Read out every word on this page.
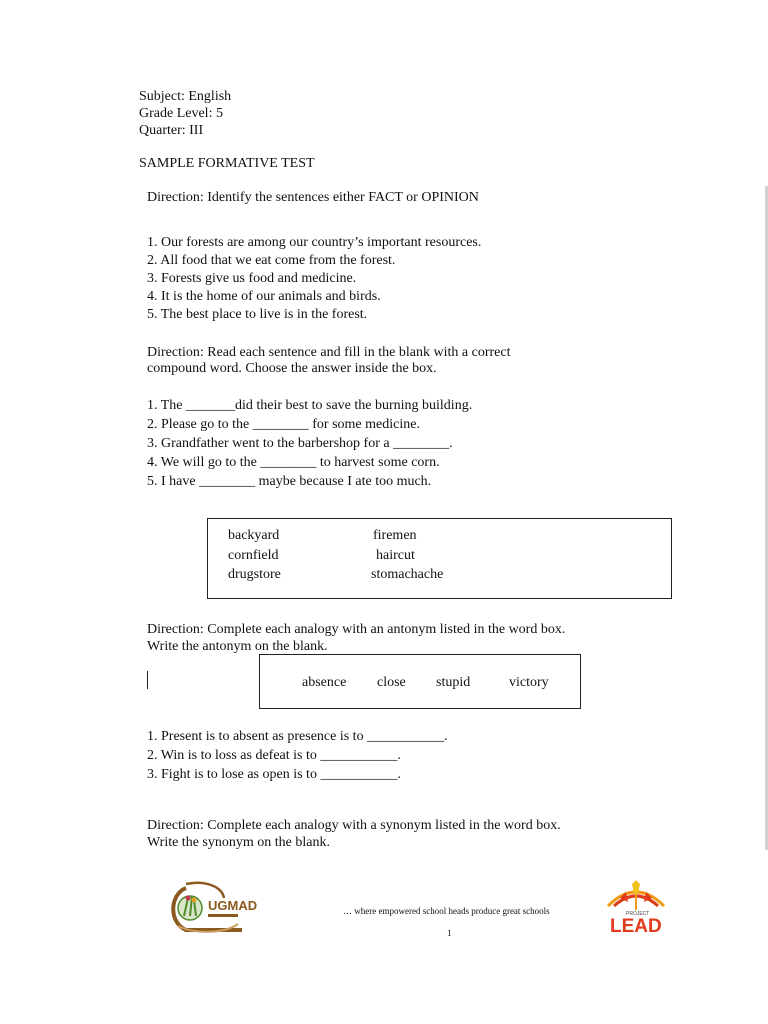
Subject: English
Grade Level: 5
Quarter: III
SAMPLE FORMATIVE TEST
Direction: Identify the sentences either FACT or OPINION
1. Our forests are among our country’s important resources.
2. All food that we eat come from the forest.
3. Forests give us food and medicine.
4. It is the home of our animals and birds.
5. The best place to live is in the forest.
Direction: Read each sentence and fill in the blank with a correct
compound word. Choose the answer inside the box.
1. The _______did their best to save the burning building.
2. Please go to the ________ for some medicine.
3. Grandfather went to the barbershop for a ________.
4. We will go to the ________ to harvest some corn.
5. I have ________ maybe because I ate too much.
backyard
cornfield
drugstore
firemen
haircut
stomachache
Direction: Complete each analogy with an antonym listed in the word box.
Write the antonym on the blank.
absence close stupid	victory
1. Present is to absent as presence is to ___________.
2. Win is to loss as defeat is to ___________.
3. Fight is to lose as open is to ___________.
Direction: Complete each analogy with a synonym listed in the word box.
Write the synonym on the blank.
UGMAD	… where empowered school heads produce great schools
1
PROJECT
LEAD
